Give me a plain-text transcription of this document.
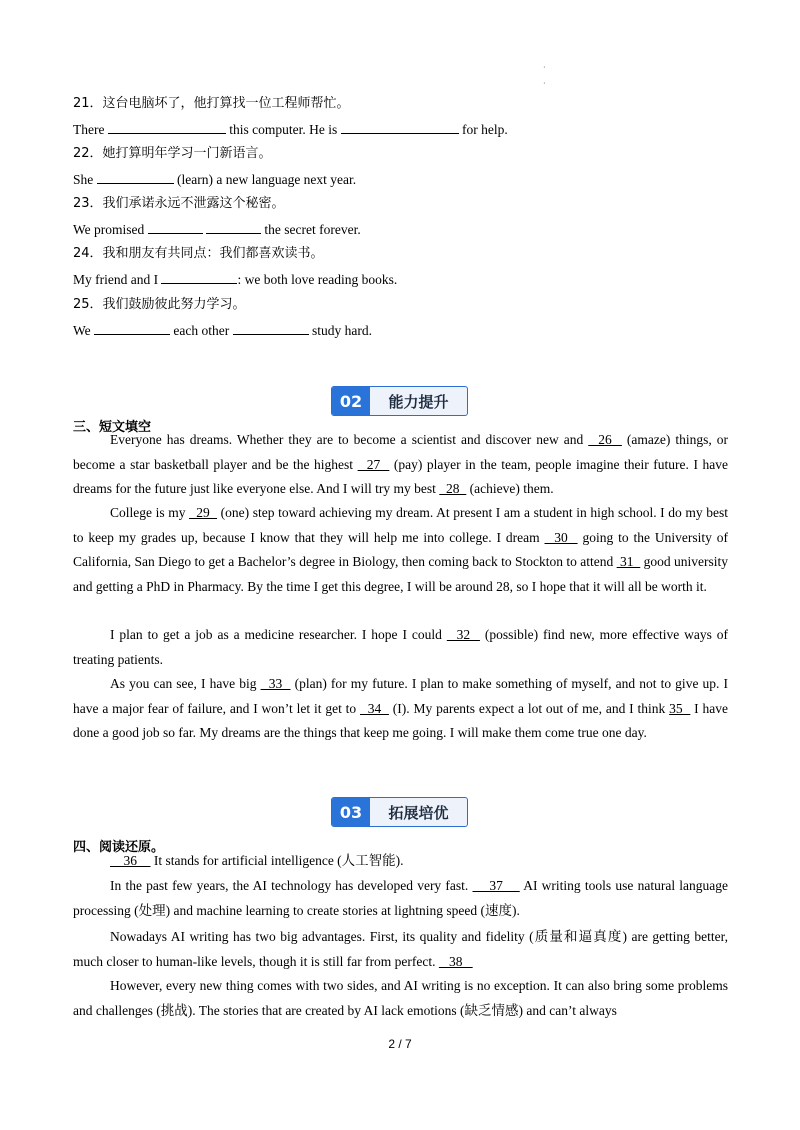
·
·
21．这台电脑坏了，他打算找一位工程师帮忙。
There	this computer. He is	for help.
22．她打算明年学习一门新语言。
She	(learn) a new language next year.
23．我们承诺永远不泄露这个秘密。
We promised	the secret forever.
24．我和朋友有共同点：我们都喜欢读书。
My friend and I	: we both love reading books.
25．我们鼓励彼此努力学习。
We	each other	study hard.
02	能力提升
三、短文填空
Everyone has dreams. Whether they are to become a scientist and discover new and   26   (amaze) things, or become a star basketball player and be the highest   27   (pay) player in the team, people imagine their future. I have dreams for the future just like everyone else. And I will try my best   28   (achieve) them.
College is my   29   (one) step toward achieving my dream. At present I am a student in high school. I do my best to keep my grades up, because I know that they will help me into college. I dream   30   going to the University of California, San Diego to get a Bachelor’s degree in Biology, then coming back to Stockton to attend  31   good university and getting a PhD in Pharmacy. By the time I get this degree, I will be around 28, so I hope that it will all be worth it.
I plan to get a job as a medicine researcher. I hope I could   32   (possible) find new, more effective ways of treating patients.
As you can see, I have big   33   (plan) for my future. I plan to make something of myself, and not to give up. I have a major fear of failure, and I won’t let it get to   34   (I). My parents expect a lot out of me, and I think 35   I have done a good job so far. My dreams are the things that keep me going. I will make them come true one day.
03	拓展培优
四、阅读还原。
36     It stands for artificial intelligence (人工智能).
In the past few years, the AI technology has developed very fast.     37     AI writing tools use natural language processing (处理) and machine learning to create stories at lightning speed (速度).
Nowadays AI writing has two big advantages. First, its quality and fidelity (质量和逼真度) are getting better, much closer to human-like levels, though it is still far from perfect.    38
However, every new thing comes with two sides, and AI writing is no exception. It can also bring some problems and challenges (挑战). The stories that are created by AI lack emotions (缺乏情感) and can’t always
2 / 7
